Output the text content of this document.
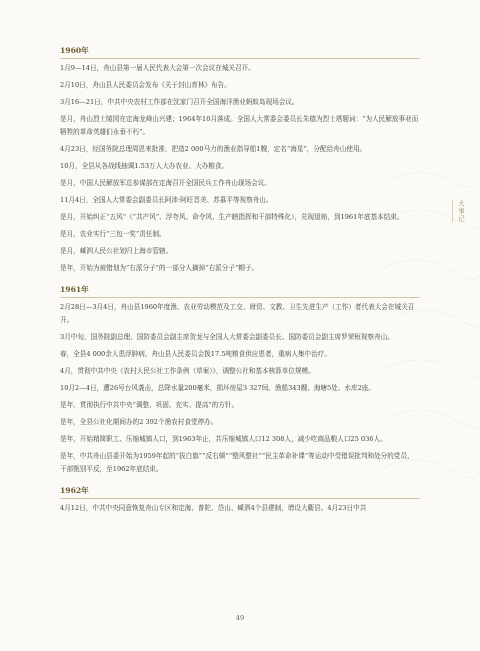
1960年

1月9—14日，舟山县第一届人民代表大会第一次会议在城关召开。

2月10日，舟山县人民委员会发布《关于封山育林》布告。

3月16—21日，中共中央农村工作部在沈家门召开全国海洋渔业蚂蚁岛现场会议。

是月，舟山烈士陵园在定海龙峰山兴建；1964年10月落成。全国人大常委会委员长朱德为烈士塔题词：“为人民解放事业而牺牲的革命英雄们永垂不朽”。

4月23日，经国务院总理周恩来批准，把造2 000马力的渔业指导船1艘，定名“海星”，分配给舟山使用。

10月，全县从各战线抽调1.53万人大办农业、大办粮食。

是月，中国人民解放军总参谋部在定海召开全国民兵工作舟山现场会议。

11月4日，全国人大常委会副委员长阿沛·阿旺晋美、苏慕平等视察舟山。

是月，开始纠正“五风”（“共产风”、浮夸风、命令风、生产瞎指挥和干部特殊化），兑现退赔，到1961年底基本结束。

是月，农业实行“三包一奖”责任制。

是月，嵊泗人民公社划归上海市管辖。

是年，开始为被错划为“右派分子”的一部分人摘掉“右派分子”帽子。

1961年

2月28日—3月4日，舟山县1960年度渔、农业劳动模范及工交、财贸、文教、卫生先进生产（工作）者代表大会在城关召开。

3月中旬，国务院副总理、国防委员会副主席贺龙与全国人大常委会副委员长、国防委员会副主席罗荣桓视察舟山。

春，全县4 000余人患浮肿病，舟山县人民委员会拨17.5吨粮食供应患者，重病人集中治疗。

4月，贯彻中共中央《农村人民公社工作条例（草案）》，调整公社和基本核算单位规模。

10月2—4日，遭26号台风袭击，总降水量200毫米，损坏房屋3 327间、渔船343艘、海塘5处、水库2座。

是年，贯彻执行中共中央“调整、巩固、充实、提高”的方针。

是年，全县公社化期间办的2 392个渔农村食堂停办。

是年，开始精简职工、压缩城镇人口，到1963年止，共压缩城镇人口12 308人，减少吃商品粮人口25 036人。

是年，中共舟山县委开始为1959年起的“拔白旗”“反右倾”“整风整社”“民主革命补课”等运动中受错误批判和处分的党员、干部甄别平反，至1962年底结束。

大事记
49
1962年

4月12日，中共中央同意恢复舟山专区和定海、普陀、岱山、嵊泗4个县建制，增设大衢县。4月23日中共
